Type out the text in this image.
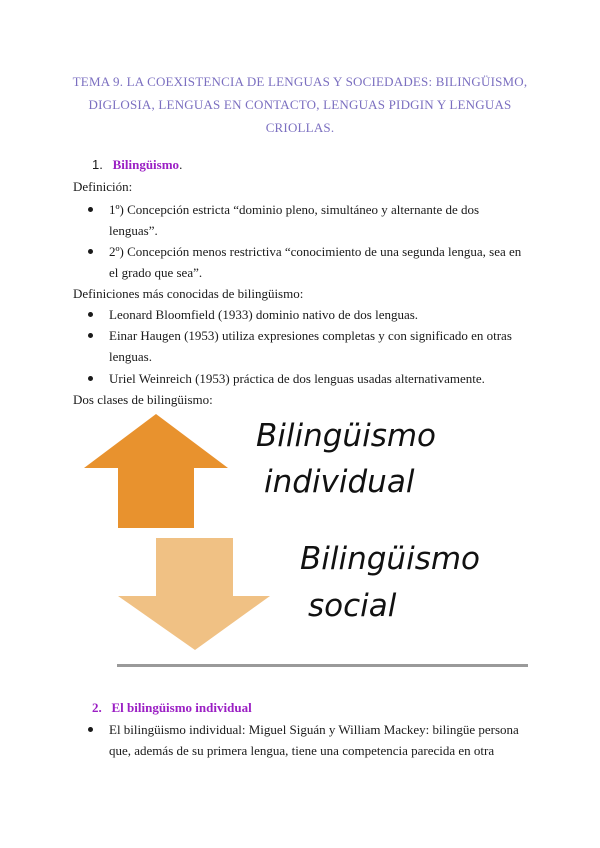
TEMA 9. LA COEXISTENCIA DE LENGUAS Y SOCIEDADES: BILINGÜISMO, DIGLOSIA, LENGUAS EN CONTACTO, LENGUAS PIDGIN Y LENGUAS CRIOLLAS.
1. Bilingüismo.
Definición:
1º) Concepción estricta “dominio pleno, simultáneo y alternante de dos lenguas”.
2º) Concepción menos restrictiva “conocimiento de una segunda lengua, sea en el grado que sea”.
Definiciones más conocidas de bilingüismo:
Leonard Bloomfield (1933) dominio nativo de dos lenguas.
Einar Haugen (1953) utiliza expresiones completas y con significado en otras lenguas.
Uriel Weinreich (1953) práctica de dos lenguas usadas alternativamente.
Dos clases de bilingüismo:
Bilingüismo
individual
Bilingüismo
social
2. El bilingüismo individual
El bilingüismo individual: Miguel Siguán y William Mackey: bilingüe persona que, además de su primera lengua, tiene una competencia parecida en otra
